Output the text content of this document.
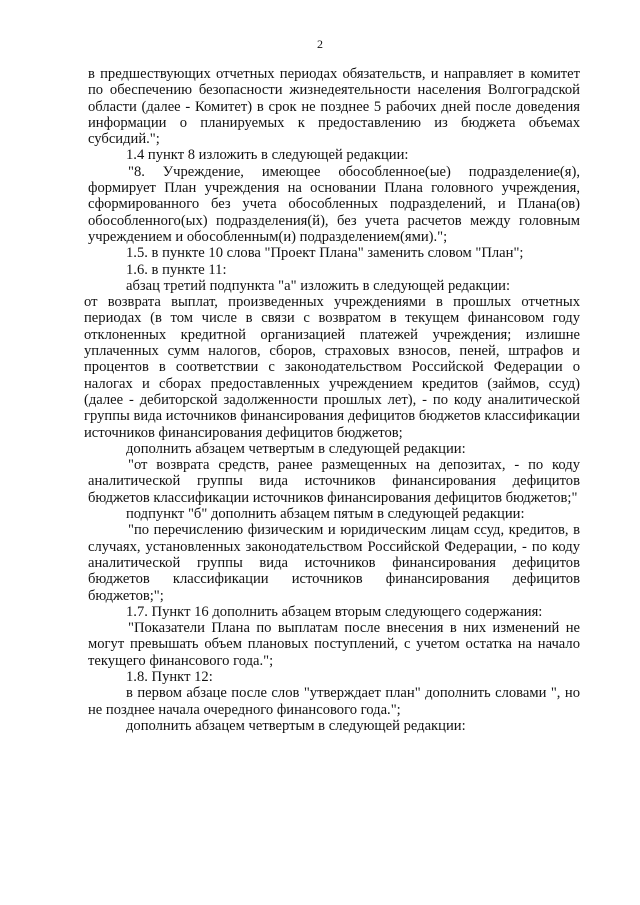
2

в предшествующих отчетных периодах обязательств, и направляет в комитет по обеспечению безопасности жизнедеятельности населения Волгоградской области (далее - Комитет) в срок не позднее 5 рабочих дней после доведения информации о планируемых к предоставлению из бюджета объемах субсидий.";

1.4 пункт 8 изложить в следующей редакции:

"8. Учреждение, имеющее обособленное(ые) подразделение(я), формирует План учреждения на основании Плана головного учреждения, сформированного без учета обособленных подразделений, и Плана(ов) обособленного(ых) подразделения(й), без учета расчетов между головным учреждением и обособленным(и) подразделением(ями).";

1.5. в пункте 10 слова "Проект Плана" заменить словом "План";

1.6. в пункте 11:

абзац третий подпункта "а" изложить в следующей редакции:

от возврата выплат, произведенных учреждениями в прошлых отчетных периодах (в том числе в связи с возвратом в текущем финансовом году отклоненных кредитной организацией платежей учреждения; излишне уплаченных сумм налогов, сборов, страховых взносов, пеней, штрафов и процентов в соответствии с законодательством Российской Федерации о налогах и сборах предоставленных учреждением кредитов (займов, ссуд) (далее - дебиторской задолженности прошлых лет), - по коду аналитической группы вида источников финансирования дефицитов бюджетов классификации источников финансирования дефицитов бюджетов;

дополнить абзацем четвертым в следующей редакции:

"от возврата средств, ранее размещенных на депозитах, - по коду аналитической группы вида источников финансирования дефицитов бюджетов классификации источников финансирования дефицитов бюджетов;"

подпункт "б" дополнить абзацем пятым в следующей редакции:

"по перечислению физическим и юридическим лицам ссуд, кредитов, в случаях, установленных законодательством Российской Федерации, - по коду аналитической группы вида источников финансирования дефицитов бюджетов классификации источников финансирования дефицитов бюджетов;";

1.7. Пункт 16 дополнить абзацем вторым следующего содержания:

"Показатели Плана по выплатам после внесения в них изменений не могут превышать объем плановых поступлений, с учетом остатка на начало текущего финансового года.";

1.8. Пункт 12:

в первом абзаце после слов "утверждает план" дополнить словами ", но не позднее начала очередного финансового года.";

дополнить абзацем четвертым в следующей редакции:
